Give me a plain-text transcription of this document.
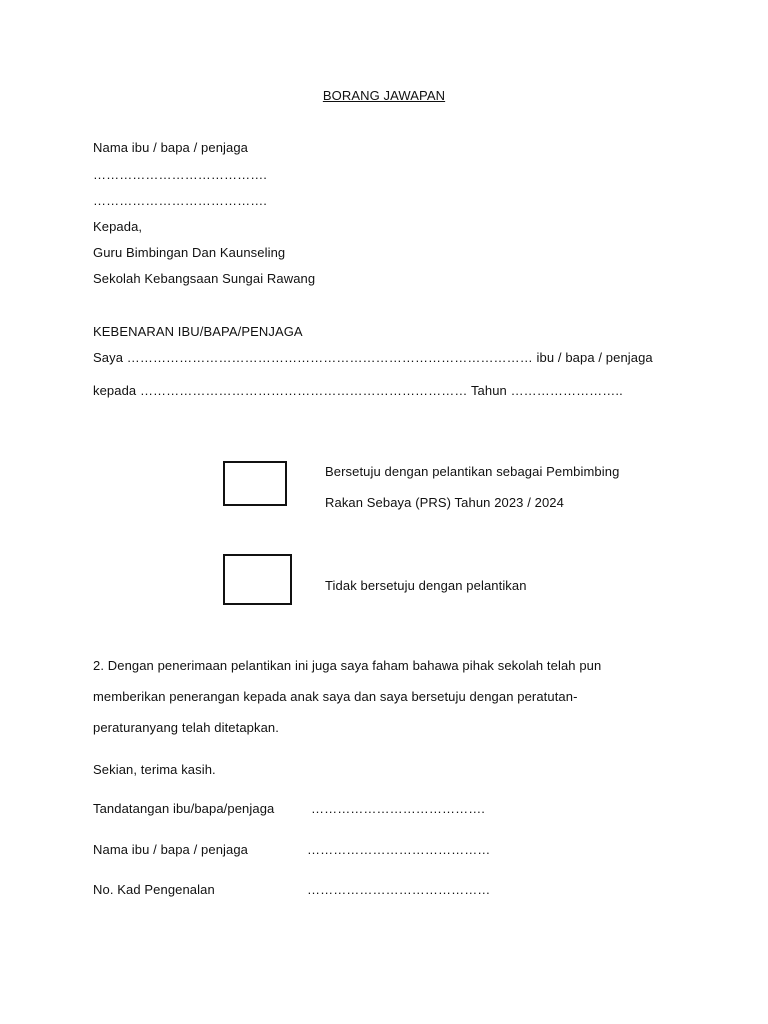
BORANG JAWAPAN
Nama ibu / bapa / penjaga
………………………………….
………………………………….
Kepada,
Guru Bimbingan Dan Kaunseling
Sekolah Kebangsaan Sungai Rawang
KEBENARAN IBU/BAPA/PENJAGA
Saya ………………………………………………………………………………… ibu / bapa / penjaga
kepada ………………………………………………………………… Tahun ……………………..
Bersetuju dengan pelantikan sebagai Pembimbing
Rakan Sebaya (PRS) Tahun 2023 / 2024
Tidak bersetuju dengan pelantikan
2. Dengan penerimaan pelantikan ini juga saya faham bahawa pihak sekolah telah pun
memberikan penerangan kepada anak saya dan saya bersetuju dengan peratutan-
peraturanyang telah ditetapkan.
Sekian, terima kasih.
Tandatangan ibu/bapa/penjaga	………………………………….
Nama ibu / bapa / penjaga	……………………………………
No. Kad Pengenalan	……………………………………
